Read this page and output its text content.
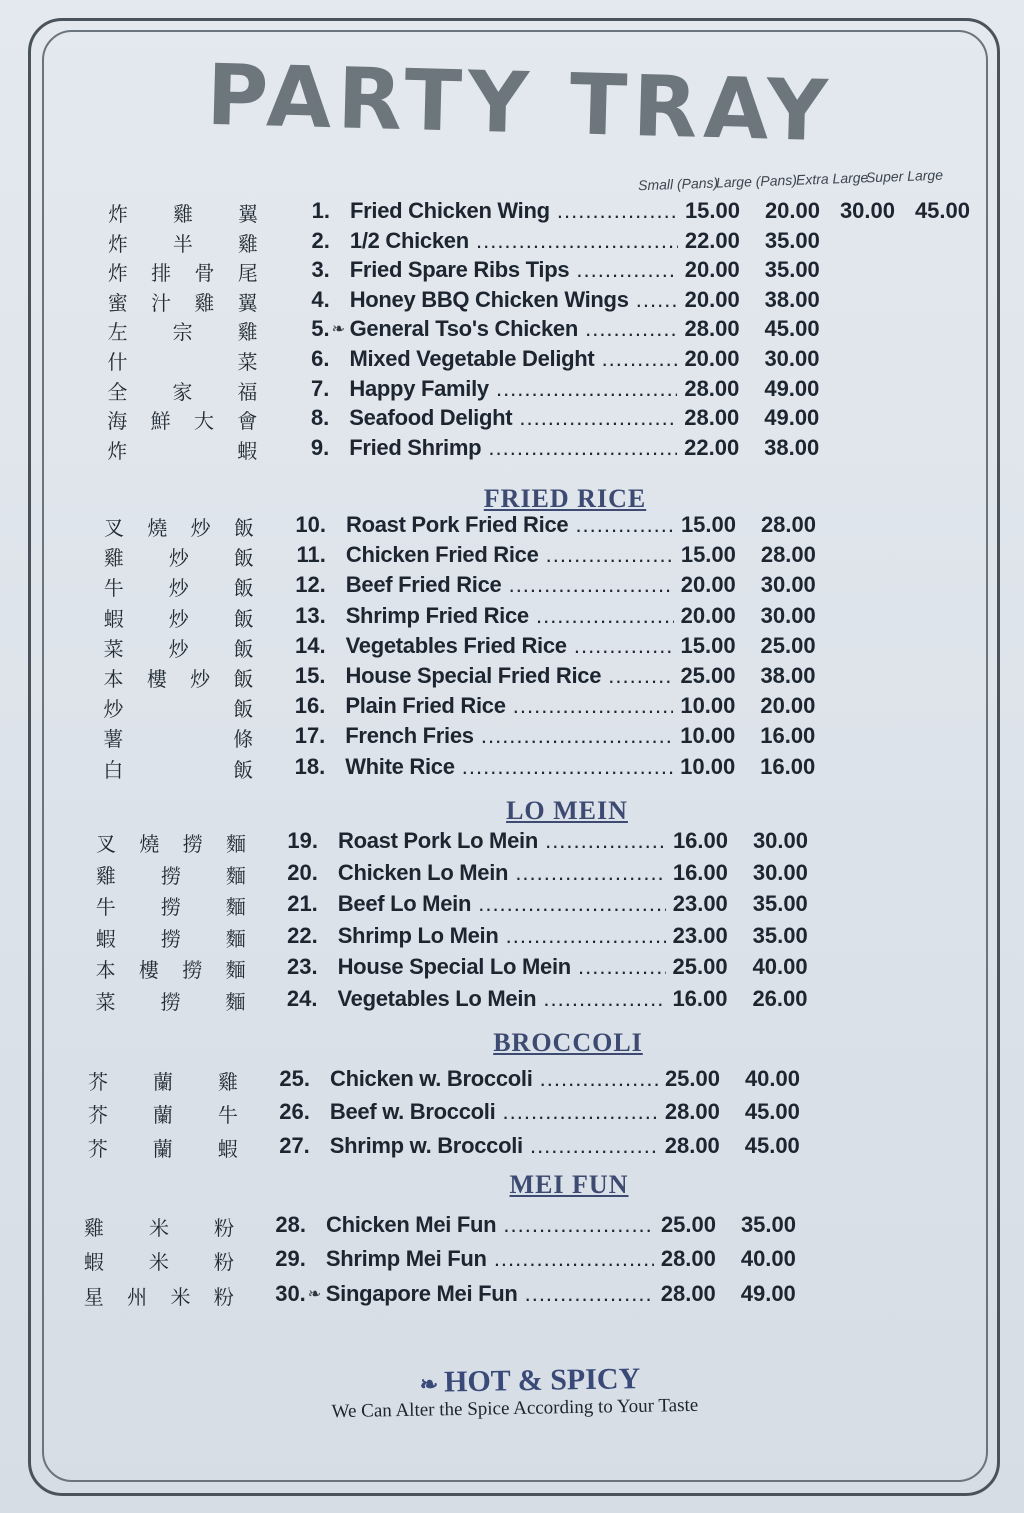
PARTY TRAY
Small (Pans)
Large (Pans)
Extra Large
Super Large
炸 雞 翼	1. Fried Chicken Wing .....	15.00	20.00 30.00 45.00
炸 半 雞	2. 1/2 Chicken .....	22.00	35.00
炸 排 骨 尾	3. Fried Spare Ribs Tips .....	20.00	35.00
蜜 汁 雞 翼	4. Honey BBQ Chicken Wings .....	20.00	38.00
左 宗 雞	5. ❧ General Tso's Chicken .....	28.00	45.00
什	菜	6. Mixed Vegetable Delight .....	20.00	30.00
全 家 福	7. Happy Family .....	28.00	49.00
海 鮮 大 會	8. Seafood Delight .....	28.00	49.00
炸	蝦	9. Fried Shrimp .....	22.00	38.00
FRIED RICE
叉 燒 炒 飯	10. Roast Pork Fried Rice .....	15.00	28.00
雞 炒 飯	11. Chicken Fried Rice .....	15.00	28.00
牛 炒 飯	12. Beef Fried Rice .....	20.00	30.00
蝦 炒 飯	13. Shrimp Fried Rice .....	20.00	30.00
菜 炒 飯	14. Vegetables Fried Rice .....	15.00	25.00
本 樓 炒 飯	15. House Special Fried Rice .....	25.00	38.00
炒	飯	16. Plain Fried Rice .....	10.00	20.00
薯	條	17. French Fries .....	10.00	16.00
白	飯	18. White Rice .....	10.00	16.00
LO MEIN
叉 燒 撈 麵	19. Roast Pork Lo Mein .....	16.00	30.00
雞 撈 麵	20. Chicken Lo Mein .....	16.00	30.00
牛 撈 麵	21. Beef Lo Mein .....	23.00	35.00
蝦 撈 麵	22. Shrimp Lo Mein .....	23.00	35.00
本 樓 撈 麵	23. House Special Lo Mein .....	25.00	40.00
菜 撈 麵	24. Vegetables Lo Mein .....	16.00	26.00
BROCCOLI
芥 蘭 雞	25. Chicken w. Broccoli .....	25.00	40.00
芥 蘭 牛	26. Beef w. Broccoli .....	28.00	45.00
芥 蘭 蝦	27. Shrimp w. Broccoli .....	28.00	45.00
MEI FUN
雞 米 粉	28. Chicken Mei Fun .....	25.00	35.00
蝦 米 粉	29. Shrimp Mei Fun .....	28.00	40.00
星 州 米 粉	30. ❧ Singapore Mei Fun .....	28.00	49.00
❧ HOT & SPICY
We Can Alter the Spice According to Your Taste
